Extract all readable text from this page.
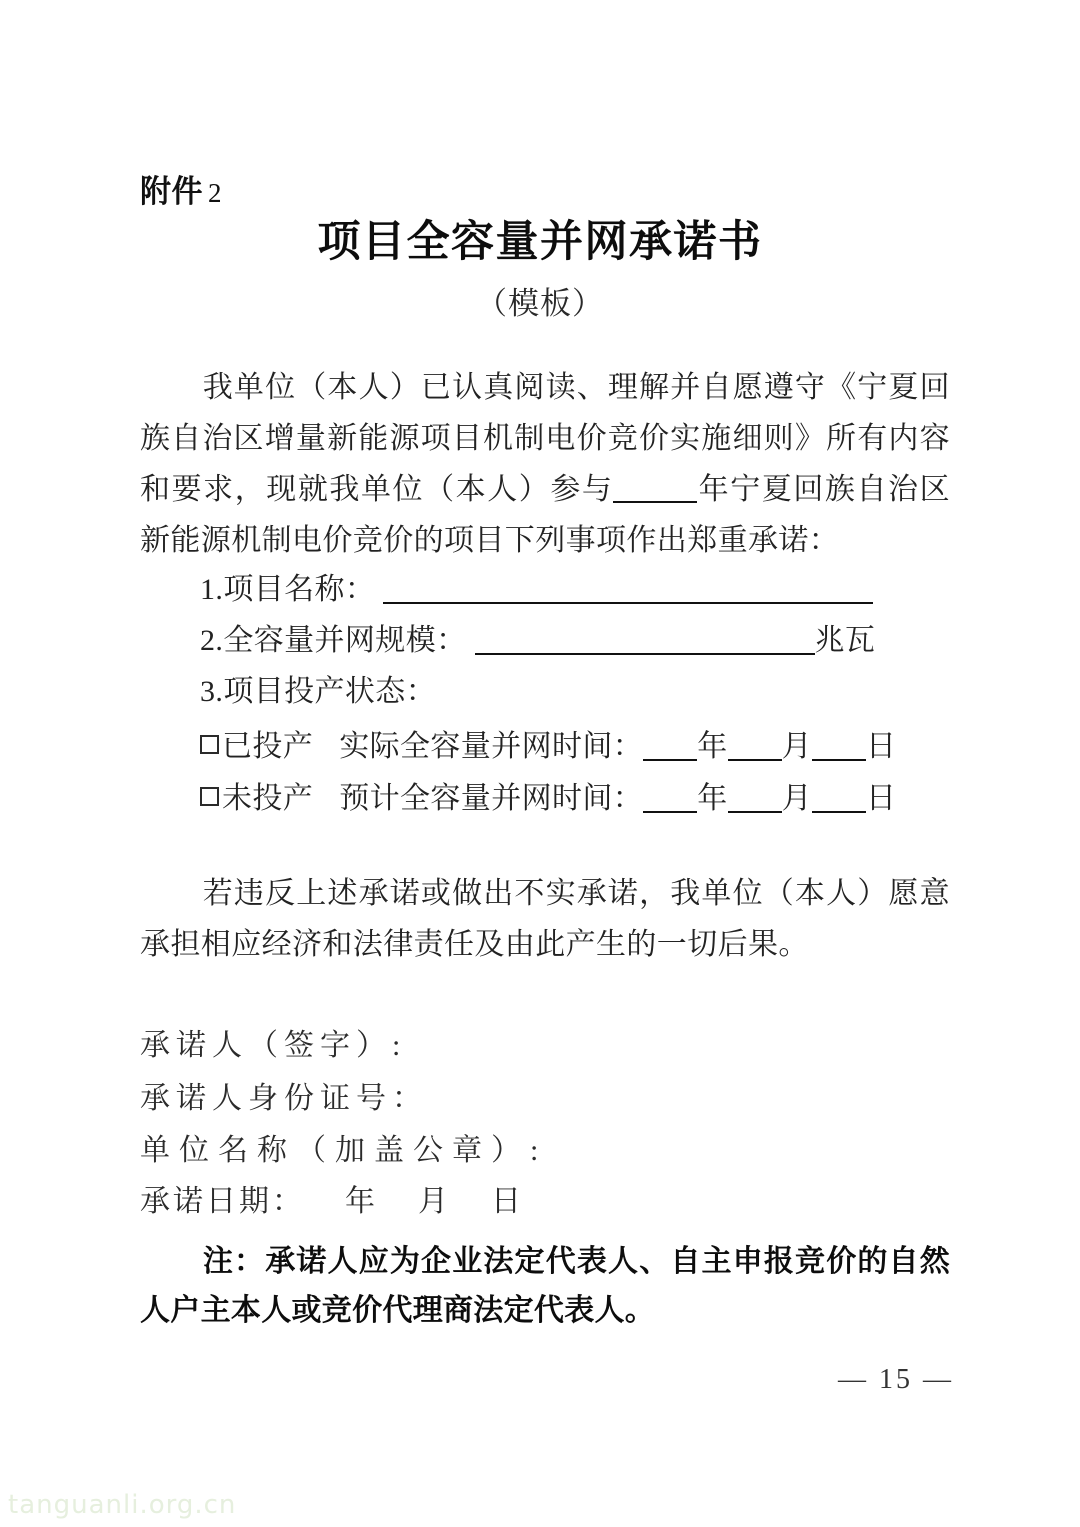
附件 2
项目全容量并网承诺书
（模板）
我单位（本人）已认真阅读、理解并自愿遵守《宁夏回族自治区增量新能源项目机制电价竞价实施细则》所有内容和要求，现就我单位（本人）参与	年宁夏回族自治区新能源机制电价竞价的项目下列事项作出郑重承诺：
1.项目名称：
2.全容量并网规模：	兆瓦
3.项目投产状态：
已投产 实际全容量并网时间： 年 月 日
未投产 预计全容量并网时间： 年 月 日
若违反上述承诺或做出不实承诺，我单位（本人）愿意承担相应经济和法律责任及由此产生的一切后果。
承诺人（签字）:
承诺人身份证号：
单位名称（加盖公章）:
承诺日期： 年 月 日
注：承诺人应为企业法定代表人、自主申报竞价的自然人户主本人或竞价代理商法定代表人。
— 15 —
tanguanli.org.cn
